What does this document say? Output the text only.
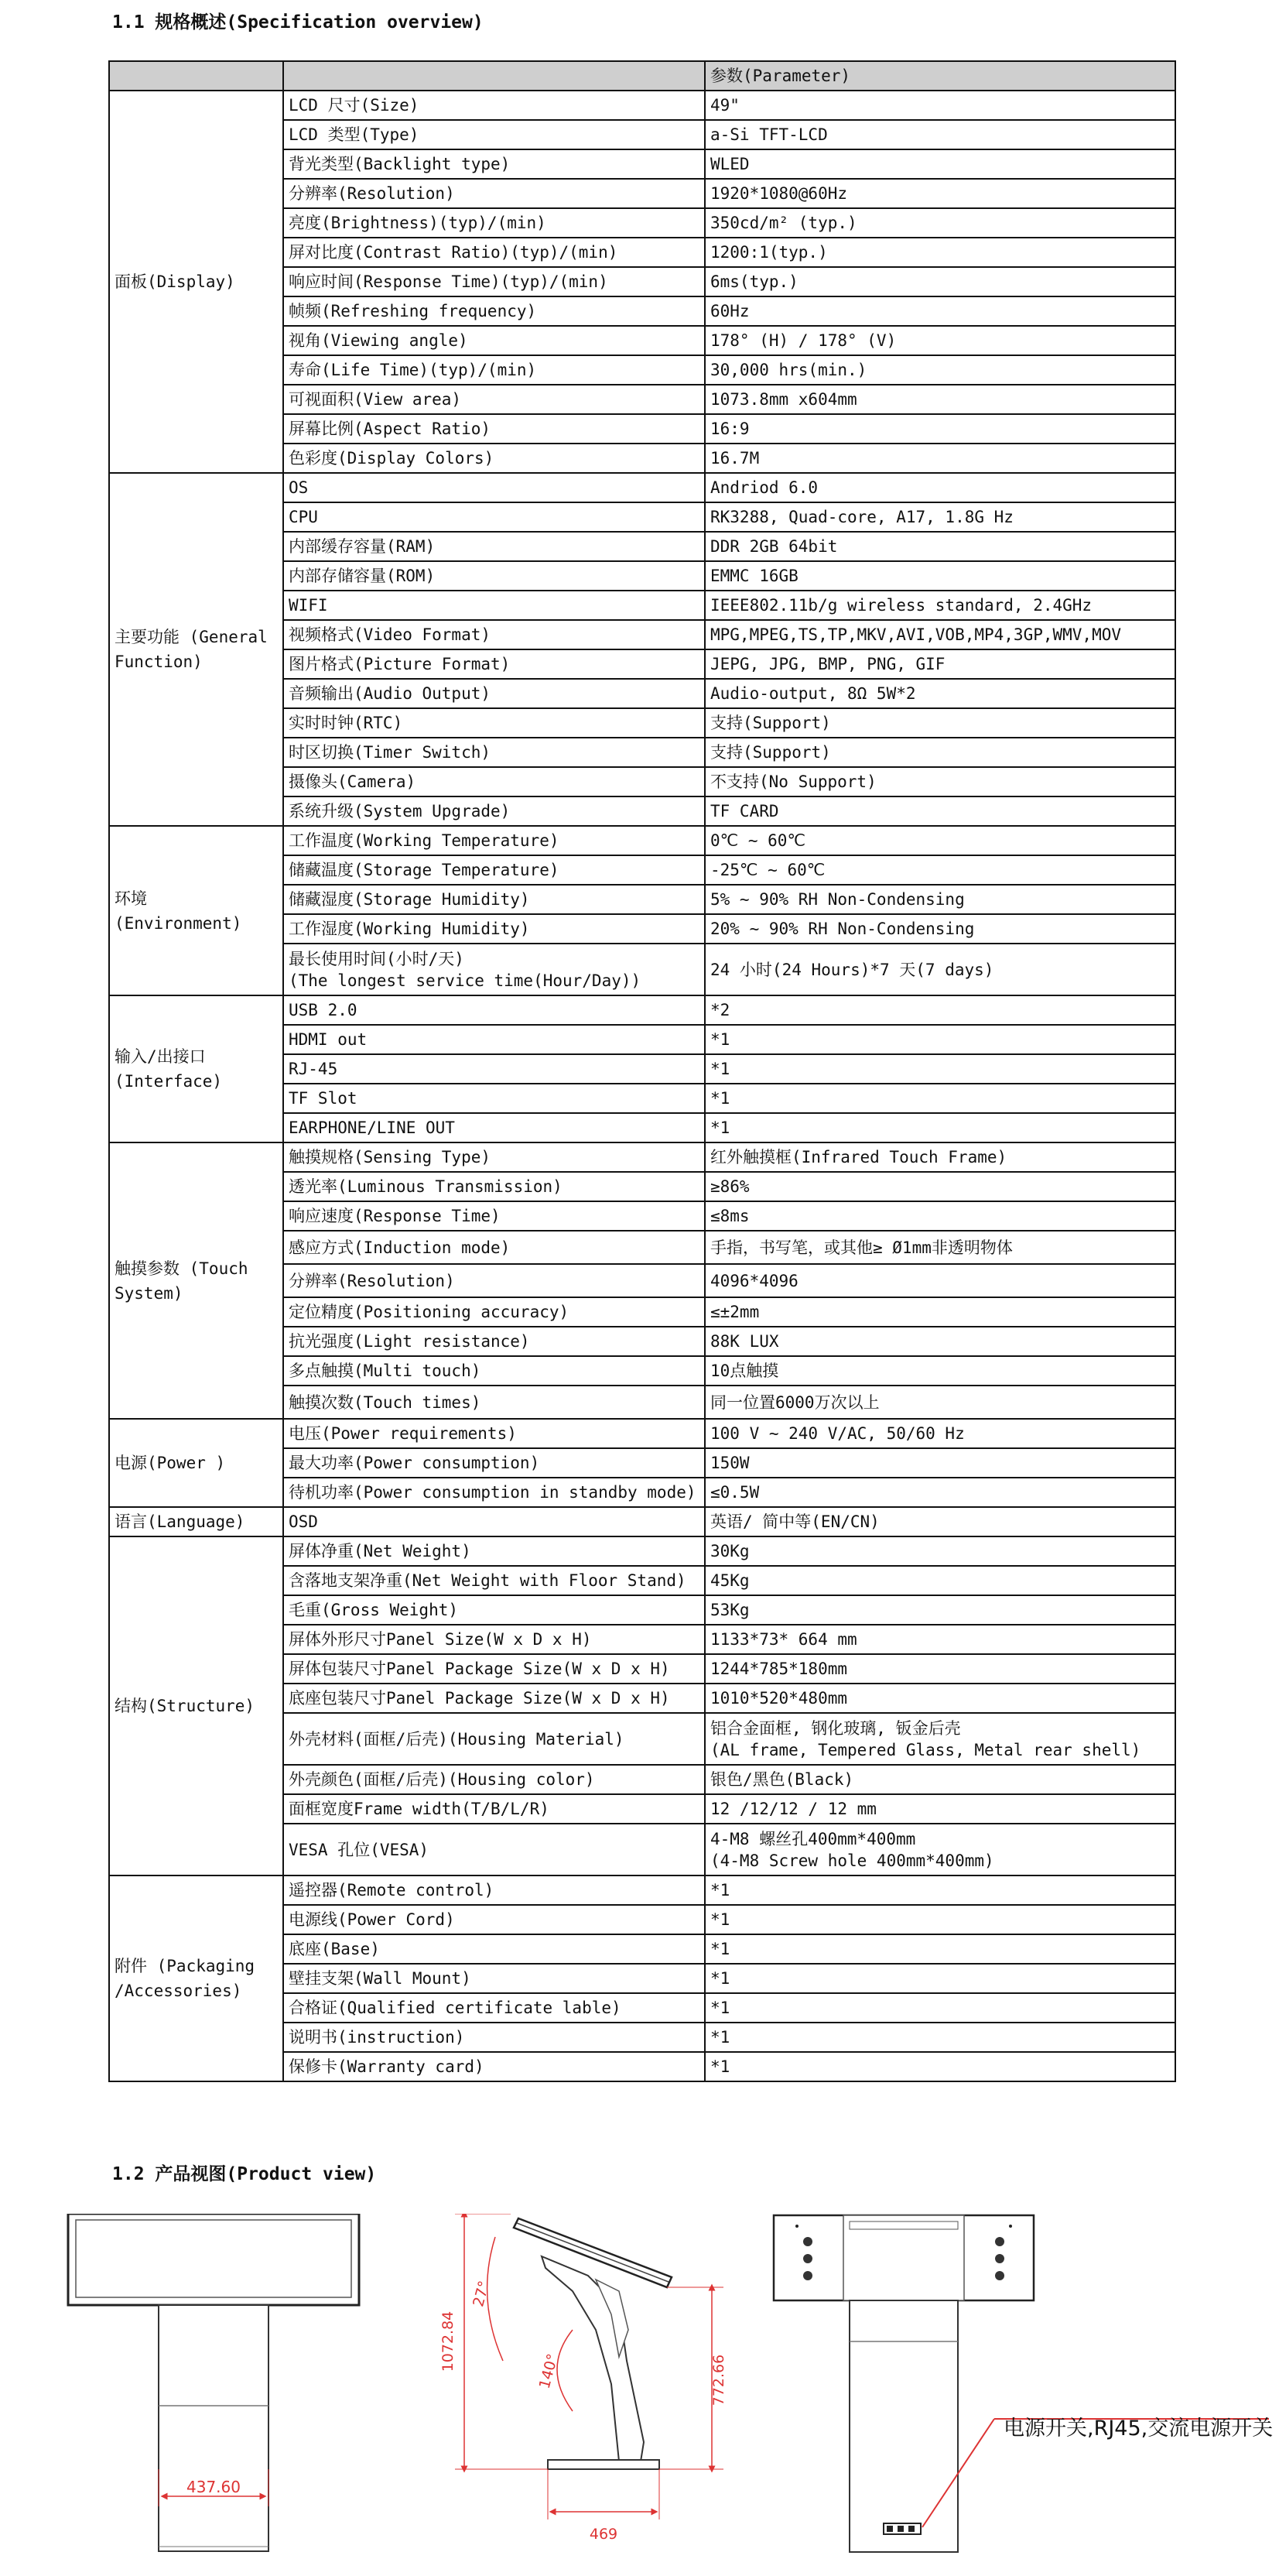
1.1 规格概述(Specification overview)
		参数(Parameter)
面板(Display)	LCD 尺寸(Size)	49"
	LCD 类型(Type)	a-Si TFT-LCD
	背光类型(Backlight type)	WLED
	分辨率(Resolution)	1920*1080@60Hz
	亮度(Brightness)(typ)/(min)	350cd/m² (typ.)
	屏对比度(Contrast Ratio)(typ)/(min)	1200:1(typ.)
	响应时间(Response Time)(typ)/(min)	6ms(typ.)
	帧频(Refreshing frequency)	60Hz
	视角(Viewing angle)	178° (H) / 178° (V)
	寿命(Life Time)(typ)/(min)	30,000 hrs(min.)
	可视面积(View area)	1073.8mm x604mm
	屏幕比例(Aspect Ratio)	16:9
	色彩度(Display Colors)	16.7M
主要功能 (General Function)	OS	Andriod 6.0
	CPU	RK3288, Quad-core, A17, 1.8G Hz
	内部缓存容量(RAM)	DDR 2GB 64bit
	内部存储容量(ROM)	EMMC 16GB
	WIFI	IEEE802.11b/g wireless standard, 2.4GHz
	视频格式(Video Format)	MPG,MPEG,TS,TP,MKV,AVI,VOB,MP4,3GP,WMV,MOV
	图片格式(Picture Format)	JEPG, JPG, BMP, PNG, GIF
	音频输出(Audio Output)	Audio-output, 8Ω 5W*2
	实时时钟(RTC)	支持(Support)
	时区切换(Timer Switch)	支持(Support)
	摄像头(Camera)	不支持(No Support)
	系统升级(System Upgrade)	TF CARD
环境 (Environment)	工作温度(Working Temperature)	0℃ ~ 60℃
	储藏温度(Storage Temperature)	-25℃ ~ 60℃
	储藏湿度(Storage Humidity)	5% ~ 90% RH Non-Condensing
	工作湿度(Working Humidity)	20% ~ 90% RH Non-Condensing

	最长使用时间(小时/天)
(The longest service time(Hour/Day))	24 小时(24 Hours)*7 天(7 days)
输入/出接口 (Interface)	USB 2.0	*2
	HDMI out	*1
	RJ-45	*1
	TF Slot	*1
	EARPHONE/LINE OUT	*1
触摸参数 (Touch System)	触摸规格(Sensing Type)	红外触摸框(Infrared Touch Frame)
	透光率(Luminous Transmission)	≥86%
	响应速度(Response Time)	≤8ms
	感应方式(Induction mode)	手指，书写笔，或其他≥ Ø1mm非透明物体
	分辨率(Resolution)	4096*4096
	定位精度(Positioning accuracy)	≤±2mm
	抗光强度(Light resistance)	88K LUX
	多点触摸(Multi touch)	10点触摸
	触摸次数(Touch times)	同一位置6000万次以上
电源(Power )	电压(Power requirements)	100 V ~ 240 V/AC, 50/60 Hz
	最大功率(Power consumption)	150W
	待机功率(Power consumption in standby mode)	≤0.5W
语言(Language)	OSD	英语/ 简中等(EN/CN)
结构(Structure)	屏体净重(Net Weight)	30Kg
	含落地支架净重(Net Weight with Floor Stand)	45Kg
	毛重(Gross Weight)	53Kg
	屏体外形尺寸Panel Size(W x D x H)	1133*73* 664 mm
	屏体包装尺寸Panel Package Size(W x D x H)	1244*785*180mm
	底座包装尺寸Panel Package Size(W x D x H)	1010*520*480mm
	外壳材料(面框/后壳)(Housing Material)	铝合金面框, 钢化玻璃, 钣金后壳
(AL frame, Tempered Glass, Metal rear shell)

	外壳颜色(面框/后壳)(Housing color)	银色/黑色(Black)
	面框宽度Frame width(T/B/L/R)	12 /12/12 / 12 mm
	VESA 孔位(VESA)	4-M8 螺丝孔400mm*400mm
(4-M8 Screw hole 400mm*400mm)

附件 (Packaging /Accessories)	遥控器(Remote control)	*1
	电源线(Power Cord)	*1
	底座(Base)	*1
	壁挂支架(Wall Mount)	*1
	合格证(Qualified certificate lable)	*1
	说明书(instruction)	*1
	保修卡(Warranty card)	*1
1.2 产品视图(Product view)
437.60
1072.84
27°
140°	772.66
469
电源开关,RJ45,交流电源开关
